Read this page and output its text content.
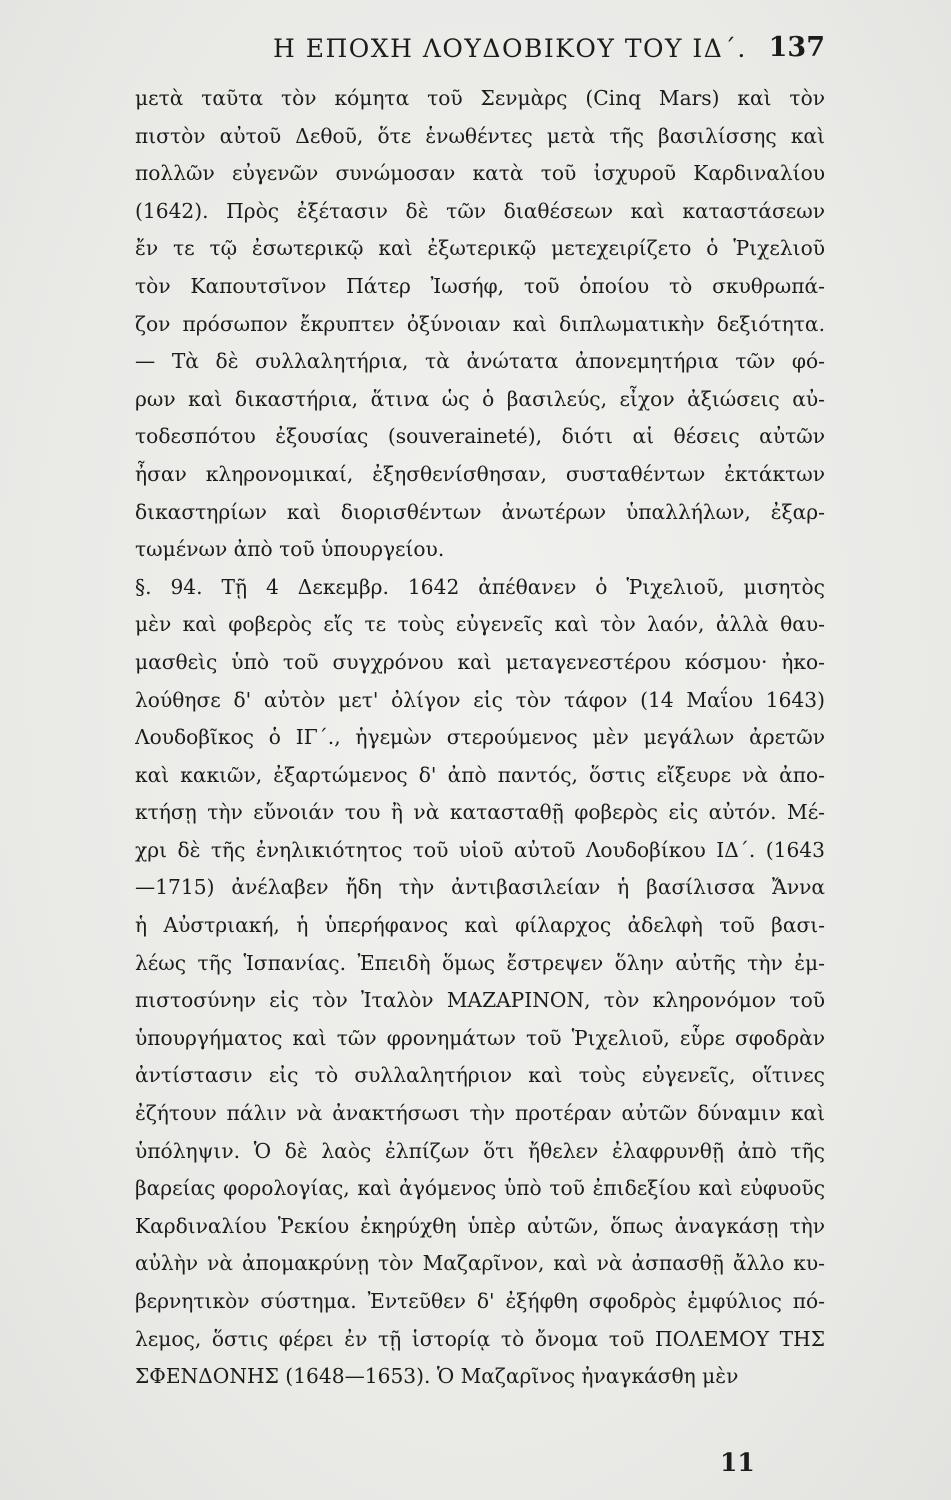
Η ΕΠΟΧΗ ΛΟΥΔΟΒΙΚΟΥ ΤΟΥ ΙΔ΄. 137
μετὰ ταῦτα τὸν κόμητα τοῦ Σενμὰρς (Cinq Mars) καὶ τὸν
πιστὸν αὐτοῦ Δεθοῦ, ὅτε ἑνωθέντες μετὰ τῆς βασιλίσσης καὶ
πολλῶν εὐγενῶν συνώμοσαν κατὰ τοῦ ἰσχυροῦ Καρδιναλίου
(1642). Πρὸς ἐξέτασιν δὲ τῶν διαθέσεων καὶ καταστάσεων
ἔν τε τῷ ἐσωτερικῷ καὶ ἐξωτερικῷ μετεχειρίζετο ὁ Ῥιχελιοῦ
τὸν Καπουτσῖνον Πάτερ Ἰωσήφ, τοῦ ὁποίου τὸ σκυθρωπά-
ζον πρόσωπον ἔκρυπτεν ὀξύνοιαν καὶ διπλωματικὴν δεξιότητα.
— Τὰ δὲ συλλαλητήρια, τὰ ἀνώτατα ἀπονεμητήρια τῶν φό-
ρων καὶ δικαστήρια, ἅτινα ὡς ὁ βασιλεύς, εἶχον ἀξιώσεις αὐ-
τοδεσπότου ἐξουσίας (souveraineté), διότι αἱ θέσεις αὐτῶν
ἦσαν κληρονομικαί, ἐξησθενίσθησαν, συσταθέντων ἐκτάκτων
δικαστηρίων καὶ διορισθέντων ἀνωτέρων ὑπαλλήλων, ἐξαρ-
τωμένων ἀπὸ τοῦ ὑπουργείου.
§. 94. Τῇ 4 Δεκεμβρ. 1642 ἀπέθανεν ὁ Ῥιχελιοῦ, μισητὸς
μὲν καὶ φοβερὸς εἴς τε τοὺς εὐγενεῖς καὶ τὸν λαόν, ἀλλὰ θαυ-
μασθεὶς ὑπὸ τοῦ συγχρόνου καὶ μεταγενεστέρου κόσμου· ἠκο-
λούθησε δ' αὐτὸν μετ' ὀλίγον εἰς τὸν τάφον (14 Μαΐου 1643)
Λουδοβῖκος ὁ ΙΓ΄., ἡγεμὼν στερούμενος μὲν μεγάλων ἀρετῶν
καὶ κακιῶν, ἐξαρτώμενος δ' ἀπὸ παντός, ὅστις εἴξευρε νὰ ἀπο-
κτήσῃ τὴν εὔνοιάν του ἢ νὰ κατασταθῇ φοβερὸς εἰς αὐτόν. Μέ-
χρι δὲ τῆς ἐνηλικιότητος τοῦ υἱοῦ αὐτοῦ Λουδοβίκου ΙΔ΄. (1643
—1715) ἀνέλαβεν ἤδη τὴν ἀντιβασιλείαν ἡ βασίλισσα Ἄννα
ἡ Αὐστριακή, ἡ ὑπερήφανος καὶ φίλαρχος ἀδελφὴ τοῦ βασι-
λέως τῆς Ἱσπανίας. Ἐπειδὴ ὅμως ἔστρεψεν ὅλην αὐτῆς τὴν ἐμ-
πιστοσύνην εἰς τὸν Ἰταλὸν ΜΑΖΑΡΙΝΟΝ, τὸν κληρονόμον τοῦ
ὑπουργήματος καὶ τῶν φρονημάτων τοῦ Ῥιχελιοῦ, εὗρε σφοδρὰν
ἀντίστασιν εἰς τὸ συλλαλητήριον καὶ τοὺς εὐγενεῖς, οἵτινες
ἐζήτουν πάλιν νὰ ἀνακτήσωσι τὴν προτέραν αὐτῶν δύναμιν καὶ
ὑπόληψιν. Ὁ δὲ λαὸς ἐλπίζων ὅτι ἤθελεν ἐλαφρυνθῇ ἀπὸ τῆς
βαρείας φορολογίας, καὶ ἀγόμενος ὑπὸ τοῦ ἐπιδεξίου καὶ εὐφυοῦς
Καρδιναλίου Ῥεκίου ἐκηρύχθη ὑπὲρ αὐτῶν, ὅπως ἀναγκάσῃ τὴν
αὐλὴν νὰ ἀπομακρύνῃ τὸν Μαζαρῖνον, καὶ νὰ ἀσπασθῇ ἄλλο κυ-
βερνητικὸν σύστημα. Ἐντεῦθεν δ' ἐξήφθη σφοδρὸς ἐμφύλιος πό-
λεμος, ὅστις φέρει ἐν τῇ ἱστορίᾳ τὸ ὄνομα τοῦ ΠΟΛΕΜΟΥ ΤΗΣ
ΣΦΕΝΔΟΝΗΣ (1648—1653). Ὁ Μαζαρῖνος ἠναγκάσθη μὲν
11
